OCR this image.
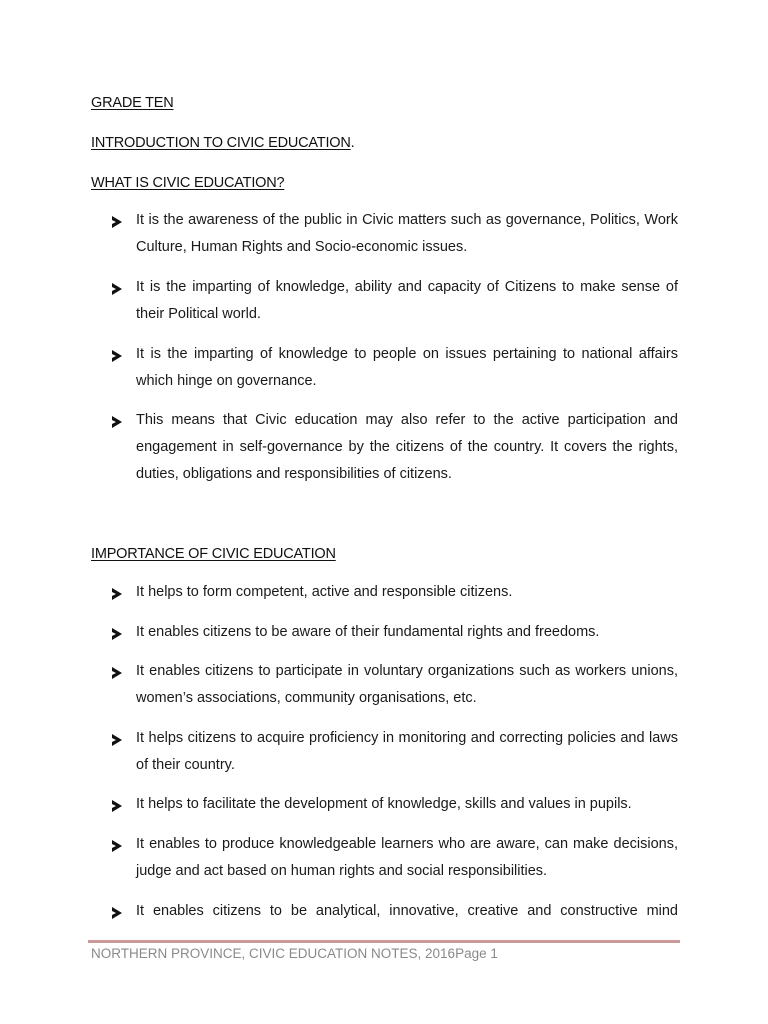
GRADE TEN
INTRODUCTION TO CIVIC EDUCATION.
WHAT IS CIVIC EDUCATION?
It is the awareness of the public in Civic matters such as governance, Politics, Work Culture, Human Rights and Socio-economic issues.
It is the imparting of knowledge, ability and capacity of Citizens to make sense of their Political world.
It is the imparting of knowledge to people on issues pertaining to national affairs which hinge on governance.
This means that Civic education may also refer to the active participation and engagement in self-governance by the citizens of the country. It covers the rights, duties, obligations and responsibilities of citizens.
IMPORTANCE OF CIVIC EDUCATION
It helps to form competent, active and responsible citizens.
It enables citizens to be aware of their fundamental rights and freedoms.
It enables citizens to participate in voluntary organizations such as workers unions, women’s associations, community organisations, etc.
It helps citizens to acquire proficiency in monitoring and correcting policies and laws of their country.
It helps to facilitate the development of knowledge, skills and values in pupils.
It enables to produce knowledgeable learners who are aware, can make decisions, judge and act based on human rights and social responsibilities.
It enables citizens to be analytical, innovative, creative and constructive mind
NORTHERN PROVINCE, CIVIC EDUCATION NOTES, 2016Page 1
